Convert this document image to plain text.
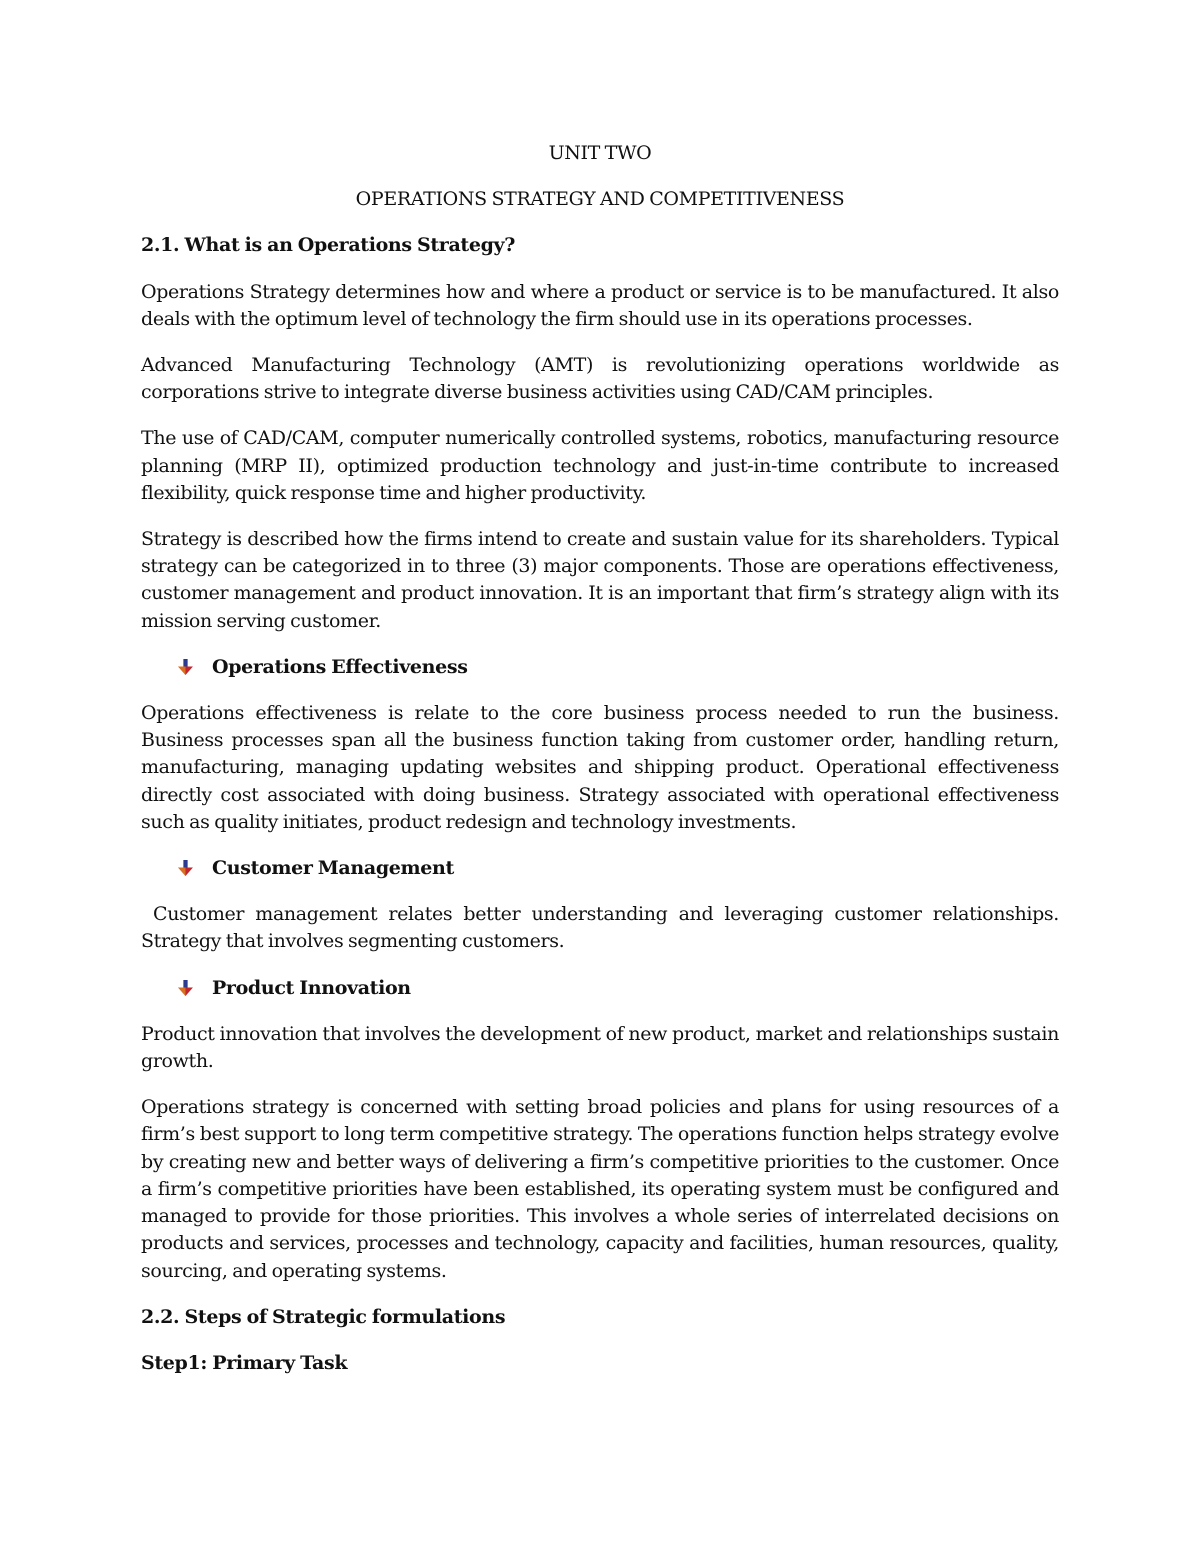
UNIT TWO
OPERATIONS STRATEGY AND COMPETITIVENESS
2.1. What is an Operations Strategy?

Operations Strategy determines how and where a product or service is to be manufactured. It also deals with the optimum level of technology the firm should use in its operations processes.

Advanced Manufacturing Technology (AMT) is revolutionizing operations worldwide as corporations strive to integrate diverse business activities using CAD/CAM principles.

The use of CAD/CAM, computer numerically controlled systems, robotics, manufacturing resource planning (MRP II), optimized production technology and just-in-time contribute to increased flexibility, quick response time and higher productivity.

Strategy is described how the firms intend to create and sustain value for its shareholders. Typical strategy can be categorized in to three (3) major components. Those are operations effectiveness, customer management and product innovation. It is an important that firm’s strategy align with its mission serving customer.

Operations Effectiveness

Operations effectiveness is relate to the core business process needed to run the business. Business processes span all the business function taking from customer order, handling return, manufacturing, managing updating websites and shipping product. Operational effectiveness directly cost associated with doing business. Strategy associated with operational effectiveness such as quality initiates, product redesign and technology investments.

Customer Management

Customer management relates better understanding and leveraging customer relationships. Strategy that involves segmenting customers.

Product Innovation

Product innovation that involves the development of new product, market and relationships sustain growth.

Operations strategy is concerned with setting broad policies and plans for using resources of a firm’s best support to long term competitive strategy. The operations function helps strategy evolve by creating new and better ways of delivering a firm’s competitive priorities to the customer. Once a firm’s competitive priorities have been established, its operating system must be configured and managed to provide for those priorities. This involves a whole series of interrelated decisions on products and services, processes and technology, capacity and facilities, human resources, quality, sourcing, and operating systems.

2.2. Steps of Strategic formulations
Step1: Primary Task
